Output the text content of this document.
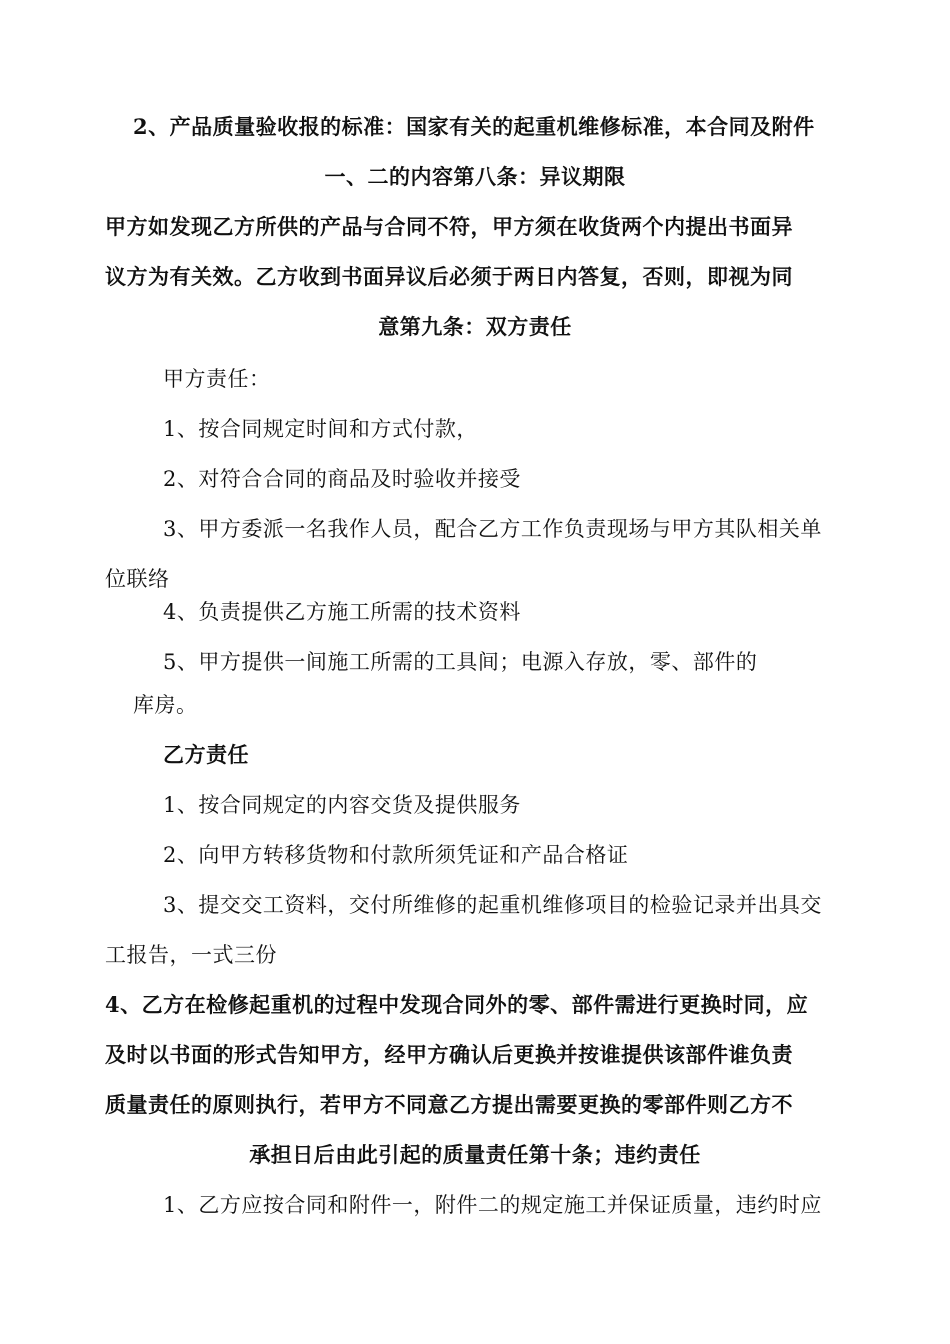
2、产品质量验收报的标准：国家有关的起重机维修标准，本合同及附件
一、二的内容第八条：异议期限
甲方如发现乙方所供的产品与合同不符，甲方须在收货两个内提出书面异
议方为有关效。乙方收到书面异议后必须于两日内答复，否则，即视为同
意第九条：双方责任
甲方责任：
1、按合同规定时间和方式付款，
2、对符合合同的商品及时验收并接受
3、甲方委派一名我作人员，配合乙方工作负责现场与甲方其队相关单
位联络
4、负责提供乙方施工所需的技术资料
5、甲方提供一间施工所需的工具间；电源入存放，零、部件的
库房。
乙方责任
1、按合同规定的内容交货及提供服务
2、向甲方转移货物和付款所须凭证和产品合格证
3、提交交工资料，交付所维修的起重机维修项目的检验记录并出具交
工报告，一式三份
4、乙方在检修起重机的过程中发现合同外的零、部件需进行更换时同，应
及时以书面的形式告知甲方，经甲方确认后更换并按谁提供该部件谁负责
质量责任的原则执行，若甲方不同意乙方提出需要更换的零部件则乙方不
承担日后由此引起的质量责任第十条；违约责任
1、乙方应按合同和附件一，附件二的规定施工并保证质量，违约时应
